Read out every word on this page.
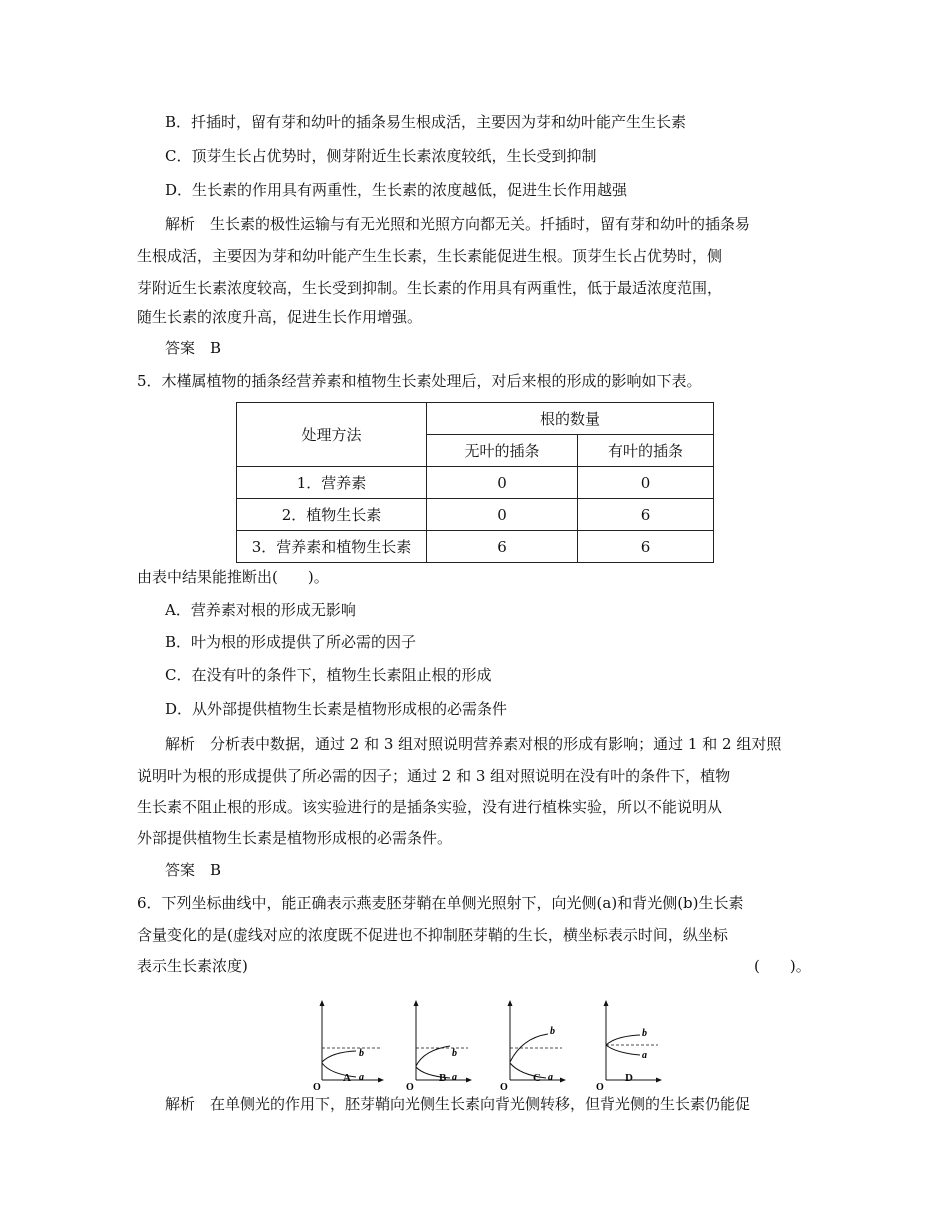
B．扦插时，留有芽和幼叶的插条易生根成活，主要因为芽和幼叶能产生生长素
C．顶芽生长占优势时，侧芽附近生长素浓度较纸，生长受到抑制
D．生长素的作用具有两重性，生长素的浓度越低，促进生长作用越强
解析　生长素的极性运输与有无光照和光照方向都无关。扦插时，留有芽和幼叶的插条易
生根成活，主要因为芽和幼叶能产生生长素，生长素能促进生根。顶芽生长占优势时，侧
芽附近生长素浓度较高，生长受到抑制。生长素的作用具有两重性，低于最适浓度范围，
随生长素的浓度升高，促进生长作用增强。
答案　B
5．木槿属植物的插条经营养素和植物生长素处理后，对后来根的形成的影响如下表。
处理方法	根的数量	
	无叶的插条	有叶的插条
1．营养素	0	0
2．植物生长素	0	6
3．营养素和植物生长素	6	6
由表中结果能推断出(　　)。
A．营养素对根的形成无影响
B．叶为根的形成提供了所必需的因子
C．在没有叶的条件下，植物生长素阻止根的形成
D．从外部提供植物生长素是植物形成根的必需条件
解析　分析表中数据，通过 2 和 3 组对照说明营养素对根的形成有影响；通过 1 和 2 组对照
说明叶为根的形成提供了所必需的因子；通过 2 和 3 组对照说明在没有叶的条件下，植物
生长素不阻止根的形成。该实验进行的是插条实验，没有进行植株实验，所以不能说明从
外部提供植物生长素是植物形成根的必需条件。
答案　B
6．下列坐标曲线中，能正确表示燕麦胚芽鞘在单侧光照射下，向光侧(a)和背光侧(b)生长素
含量变化的是(虚线对应的浓度既不促进也不抑制胚芽鞘的生长，横坐标表示时间，纵坐标
表示生长素浓度)	(　　)。
b
a
O
b
a
O
b
a
O
b
a
O
A	B	C	D
解析　在单侧光的作用下，胚芽鞘向光侧生长素向背光侧转移，但背光侧的生长素仍能促
